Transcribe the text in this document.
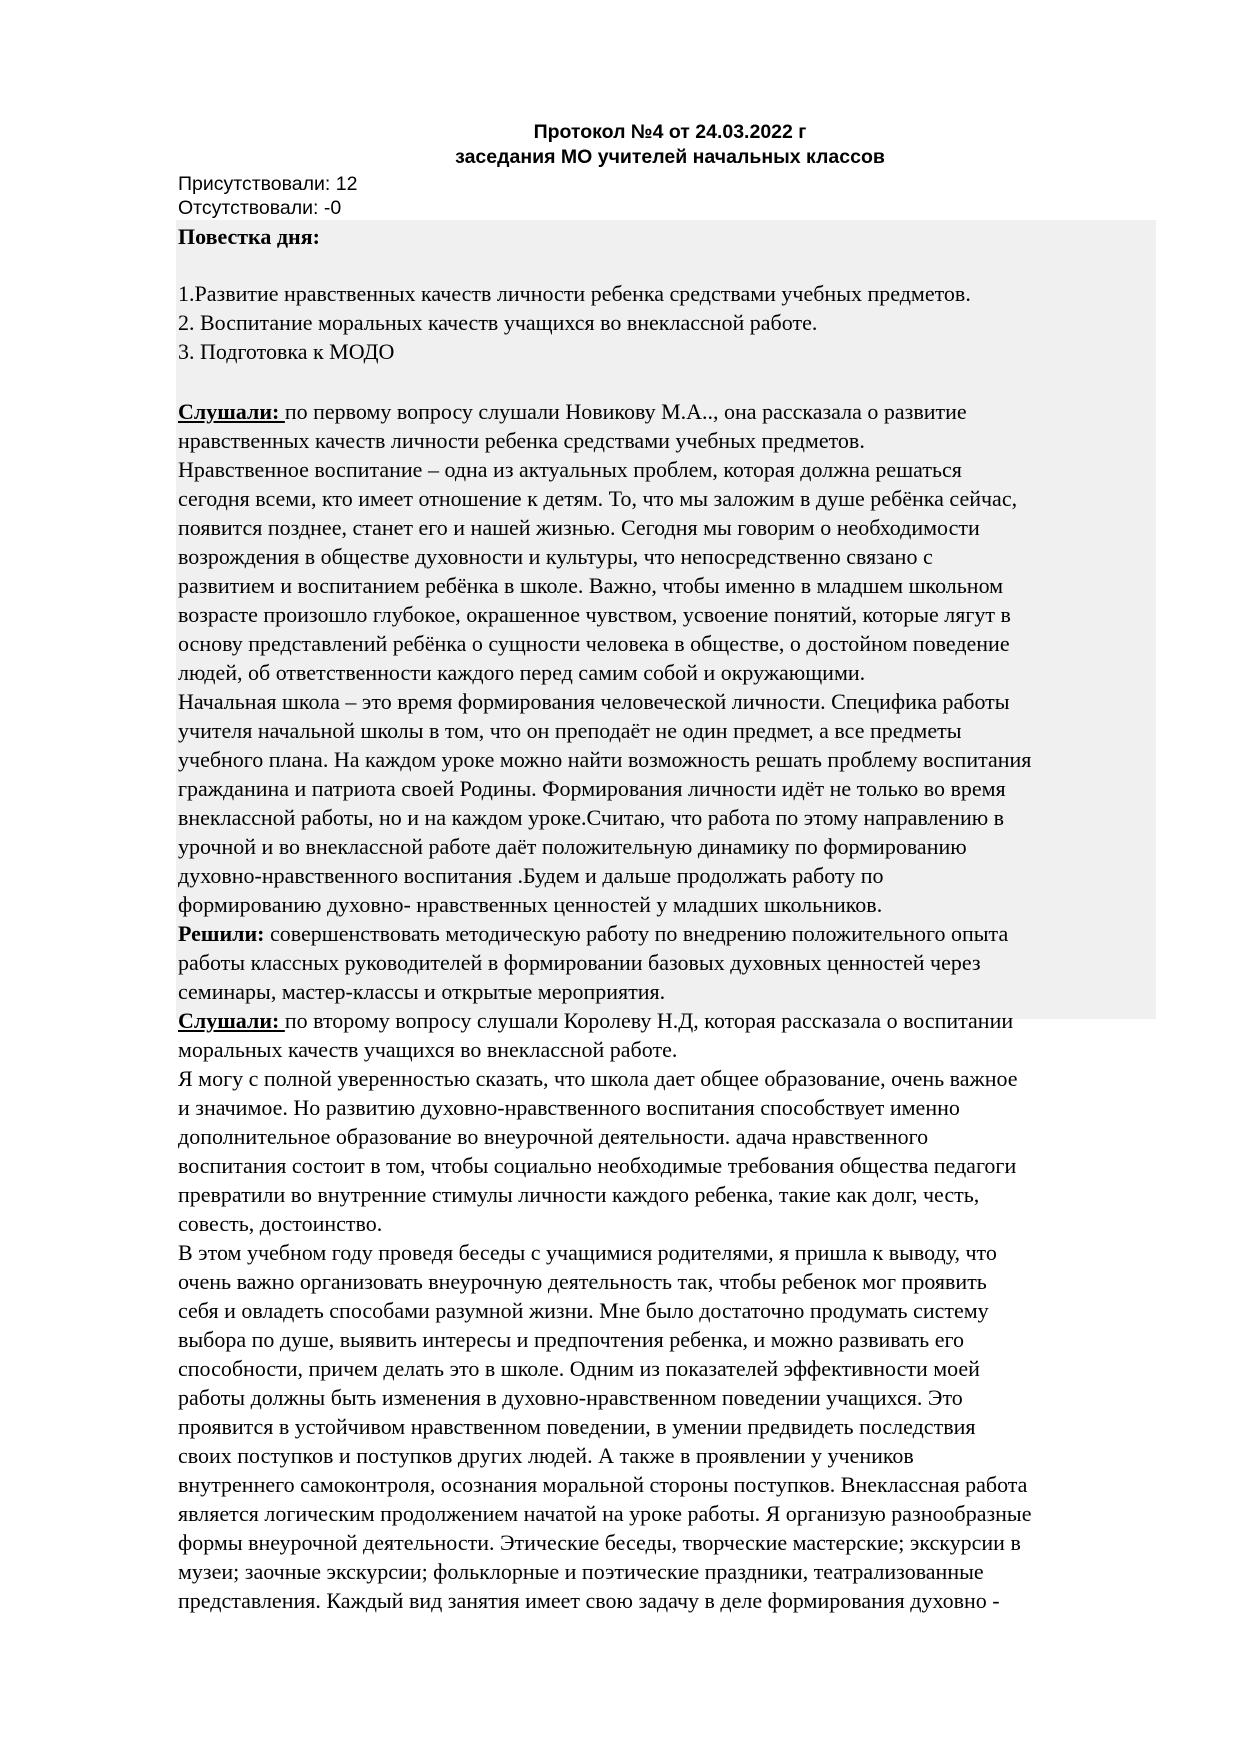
Протокол №4 от 24.03.2022 г
заседания МО учителей начальных классов
Присутствовали: 12
Отсутствовали: -0
Повестка дня:
1.Развитие нравственных качеств личности ребенка средствами учебных предметов.
2. Воспитание моральных качеств учащихся во внеклассной работе.
3. Подготовка к МОДО
Слушали: по первому вопросу слушали Новикову М.А.., она рассказала о развитие
нравственных качеств личности ребенка средствами учебных предметов.
Нравственное воспитание – одна из актуальных проблем, которая должна решаться
сегодня всеми, кто имеет отношение к детям. То, что мы заложим в душе ребёнка сейчас,
появится позднее, станет его и нашей жизнью. Сегодня мы говорим о необходимости
возрождения в обществе духовности и культуры, что непосредственно связано с
развитием и воспитанием ребёнка в школе. Важно, чтобы именно в младшем школьном
возрасте произошло глубокое, окрашенное чувством, усвоение понятий, которые лягут в
основу представлений ребёнка о сущности человека в обществе, о достойном поведение
людей, об ответственности каждого перед самим собой и окружающими.
Начальная школа – это время формирования человеческой личности. Специфика работы
учителя начальной школы в том, что он преподаёт не один предмет, а все предметы
учебного плана. На каждом уроке можно найти возможность решать проблему воспитания
гражданина и патриота своей Родины. Формирования личности идёт не только во время
внеклассной работы, но и на каждом уроке.Считаю, что работа по этому направлению в
урочной и во внеклассной работе даёт положительную динамику по формированию
духовно-нравственного воспитания .Будем и дальше продолжать работу по
формированию духовно- нравственных ценностей у младших школьников.
Решили: совершенствовать методическую работу по внедрению положительного опыта
работы классных руководителей в формировании базовых духовных ценностей через
семинары, мастер-классы и открытые мероприятия.
Слушали: по второму вопросу слушали Королеву Н.Д, которая рассказала о воспитании
моральных качеств учащихся во внеклассной работе.
Я могу с полной уверенностью сказать, что школа дает общее образование, очень важное
и значимое. Но развитию духовно-нравственного воспитания способствует именно
дополнительное образование во внеурочной деятельности. адача нравственного
воспитания состоит в том, чтобы социально необходимые требования общества педагоги
превратили во внутренние стимулы личности каждого ребенка, такие как долг, честь,
совесть, достоинство.
В этом учебном году проведя беседы с учащимися родителями, я пришла к выводу, что
очень важно организовать внеурочную деятельность так, чтобы ребенок мог проявить
себя и овладеть способами разумной жизни. Мне было достаточно продумать систему
выбора по душе, выявить интересы и предпочтения ребенка, и можно развивать его
способности, причем делать это в школе. Одним из показателей эффективности моей
работы должны быть изменения в духовно-нравственном поведении учащихся. Это
проявится в устойчивом нравственном поведении, в умении предвидеть последствия
своих поступков и поступков других людей. А также в проявлении у учеников
внутреннего самоконтроля, осознания моральной стороны поступков. Внеклассная работа
является логическим продолжением начатой на уроке работы. Я организую разнообразные
формы внеурочной деятельности. Этические беседы, творческие мастерские; экскурсии в
музеи; заочные экскурсии; фольклорные и поэтические праздники, театрализованные
представления. Каждый вид занятия имеет свою задачу в деле формирования духовно -
